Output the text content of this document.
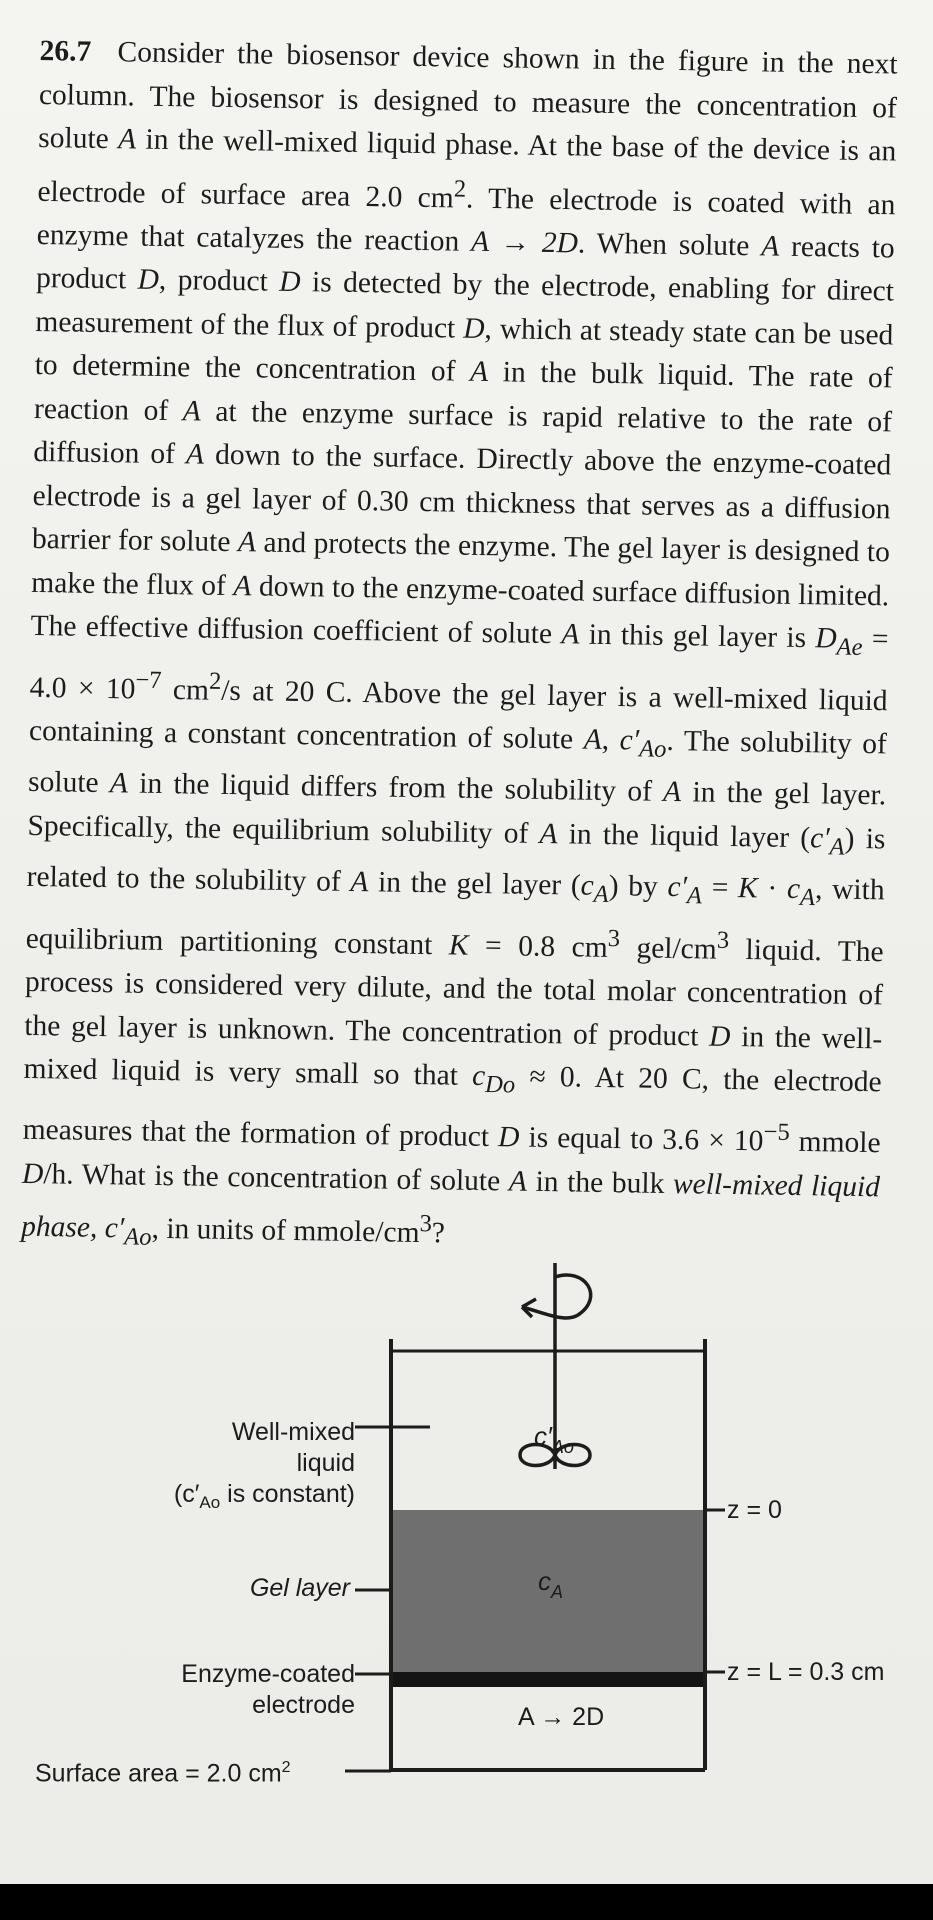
26.7 Consider the biosensor device shown in the figure in the next column. The biosensor is designed to measure the concentration of solute A in the well-mixed liquid phase. At the base of the device is an electrode of surface area 2.0 $cm^2$. The electrode is coated with an enzyme that catalyzes the reaction A → 2D. When solute A reacts to product D, product D is detected by the electrode, enabling for direct measurement of the flux of product D, which at steady state can be used to determine the concentration of A in the bulk liquid. The rate of reaction of A at the enzyme surface is rapid relative to the rate of diffusion of A down to the surface. Directly above the enzyme-coated electrode is a gel layer of 0.30 cm thickness that serves as a diffusion barrier for solute A and protects the enzyme. The gel layer is designed to make the flux of A down to the enzyme-coated surface diffusion limited. The effective diffusion coefficient of solute A in this gel layer is $D_{Ae} = 4.0 \times 10^{-7}$ $cm^2/s$ at 20 C. Above the gel layer is a well-mixed liquid containing a constant concentration of solute A, $c'_{Ao}$. The solubility of solute A in the liquid differs from the solubility of A in the gel layer. Specifically, the equilibrium solubility of A in the liquid layer $(c'_A)$ is related to the solubility of A in the gel layer $(c_A)$ by $c'_A = K \cdot c_A$, with equilibrium partitioning constant K = 0.8 $cm^3$ gel/$cm^3$ liquid. The process is considered very dilute, and the total molar concentration of the gel layer is unknown. The concentration of product D in the well-mixed liquid is very small so that $c_{Do} \approx 0$. At 20 C, the electrode measures that the formation of product D is equal to $3.6 \times 10^{-5}$ mmole D/h. What is the concentration of solute A in the bulk well-mixed liquid phase, $c'_{Ao}$, in units of mmole/$cm^3$?

$c'_{Ao}$
$c_A$
A → 2D
Well-mixed
liquid
($c'_{Ao}$ is constant)
Gel layer
Enzyme-coated
electrode
Surface area = 2.0 $cm^2$
z = 0
z = L = 0.3 cm
